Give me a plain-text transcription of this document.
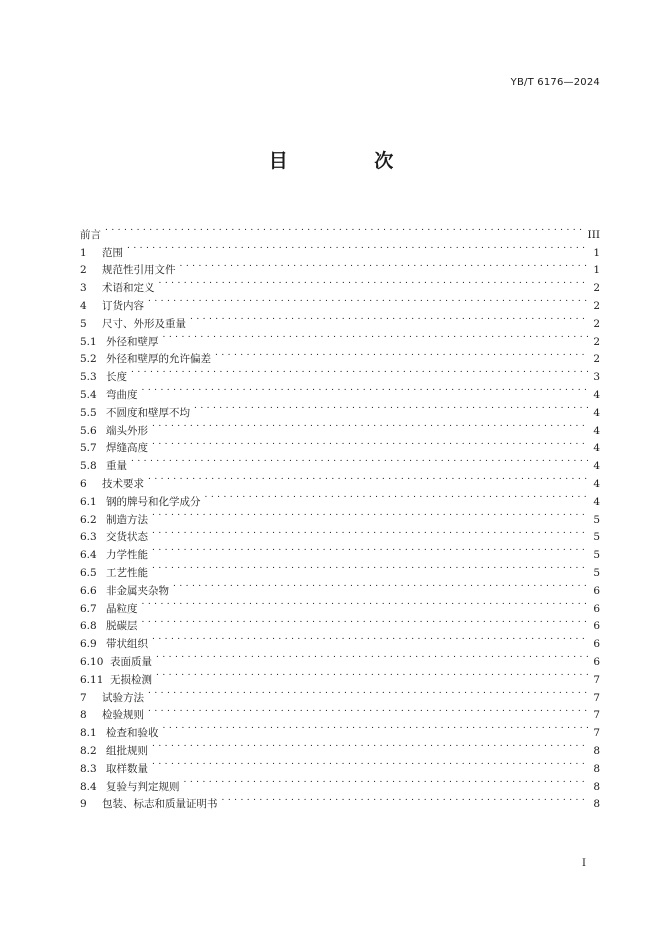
YB/T 6176—2024
目 次
前言 . . .	III
1	范围 . . .	1
2	规范性引用文件 . . .	1
3	术语和定义 . . .	2
4	订货内容 . . .	2
5	尺寸、外形及重量 . . .	2
5.1 外径和壁厚 . . .	2
5.2 外径和壁厚的允许偏差 . . .	2
5.3 长度 . . .	3
5.4 弯曲度 . . .	4
5.5 不圆度和壁厚不均 . . .	4
5.6 端头外形 . . .	4
5.7 焊缝高度 . . .	4
5.8 重量 . . .	4
6	技术要求 . . .	4
6.1 钢的牌号和化学成分 . . .	4
6.2 制造方法 . . .	5
6.3 交货状态 . . .	5
6.4 力学性能 . . .	5
6.5 工艺性能 . . .	5
6.6 非金属夹杂物 . . .	6
6.7 晶粒度 . . .	6
6.8 脱碳层 . . .	6
6.9 带状组织 . . .	6
6.10 表面质量 . . .	6
6.11 无损检测 . . .	7
7	试验方法 . . .	7
8	检验规则 . . .	7
8.1 检查和验收 . . .	7
8.2 组批规则 . . .	8
8.3 取样数量 . . .	8
8.4 复验与判定规则 . . .	8
9	包装、标志和质量证明书 . . .	8
I
